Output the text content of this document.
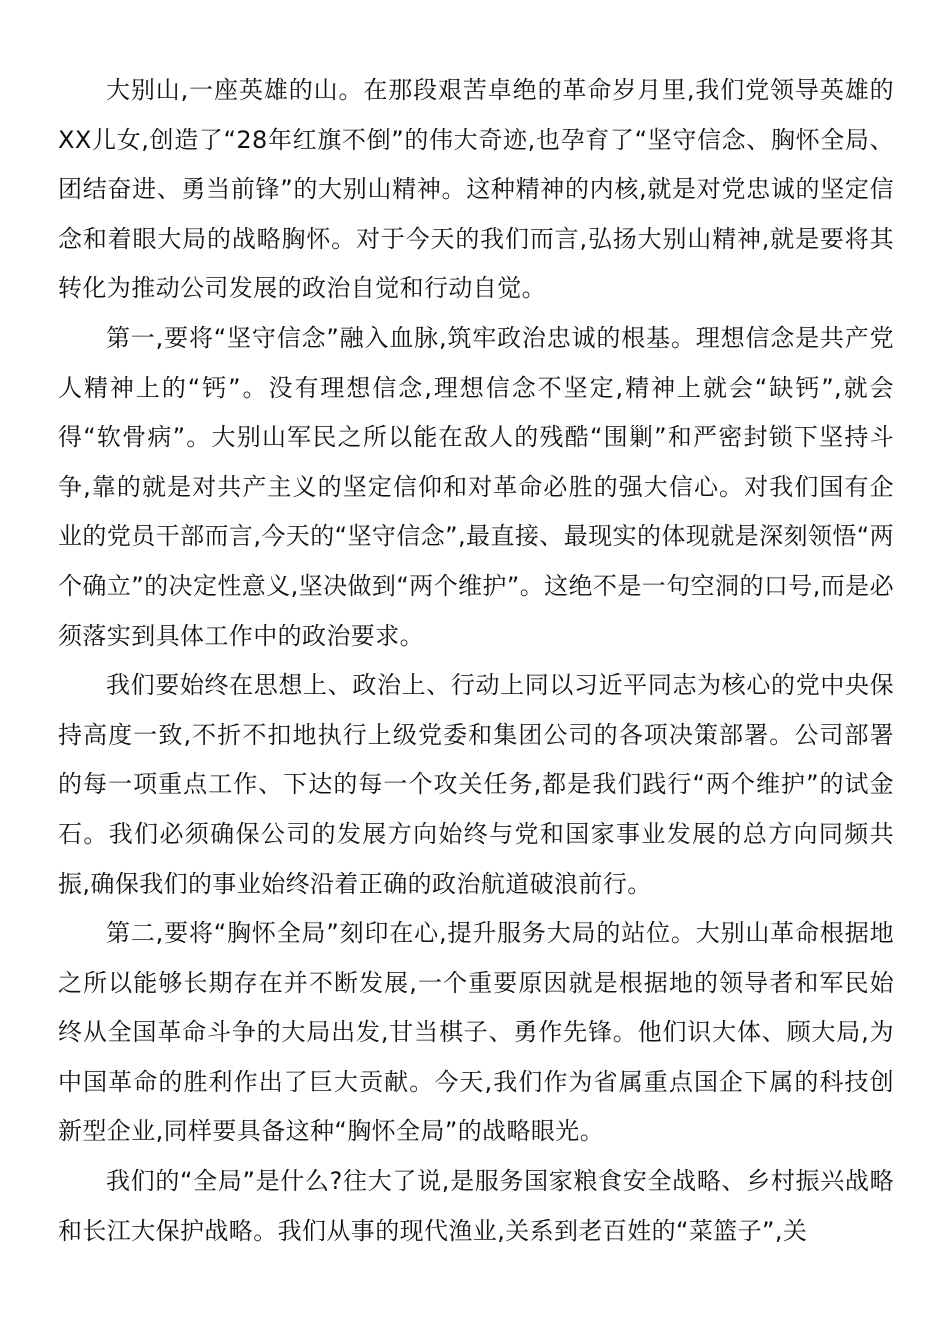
大别山,一座英雄的山。在那段艰苦卓绝的革命岁月里,我们党领导英雄的XX儿女,创造了“28年红旗不倒”的伟大奇迹,也孕育了“坚守信念、胸怀全局、团结奋进、勇当前锋”的大别山精神。这种精神的内核,就是对党忠诚的坚定信念和着眼大局的战略胸怀。对于今天的我们而言,弘扬大别山精神,就是要将其转化为推动公司发展的政治自觉和行动自觉。

第一,要将“坚守信念”融入血脉,筑牢政治忠诚的根基。理想信念是共产党人精神上的“钙”。没有理想信念,理想信念不坚定,精神上就会“缺钙”,就会得“软骨病”。大别山军民之所以能在敌人的残酷“围剿”和严密封锁下坚持斗争,靠的就是对共产主义的坚定信仰和对革命必胜的强大信心。对我们国有企业的党员干部而言,今天的“坚守信念”,最直接、最现实的体现就是深刻领悟“两个确立”的决定性意义,坚决做到“两个维护”。这绝不是一句空洞的口号,而是必须落实到具体工作中的政治要求。

我们要始终在思想上、政治上、行动上同以习近平同志为核心的党中央保持高度一致,不折不扣地执行上级党委和集团公司的各项决策部署。公司部署的每一项重点工作、下达的每一个攻关任务,都是我们践行“两个维护”的试金石。我们必须确保公司的发展方向始终与党和国家事业发展的总方向同频共振,确保我们的事业始终沿着正确的政治航道破浪前行。

第二,要将“胸怀全局”刻印在心,提升服务大局的站位。大别山革命根据地之所以能够长期存在并不断发展,一个重要原因就是根据地的领导者和军民始终从全国革命斗争的大局出发,甘当棋子、勇作先锋。他们识大体、顾大局,为中国革命的胜利作出了巨大贡献。今天,我们作为省属重点国企下属的科技创新型企业,同样要具备这种“胸怀全局”的战略眼光。

我们的“全局”是什么?往大了说,是服务国家粮食安全战略、乡村振兴战略和长江大保护战略。我们从事的现代渔业,关系到老百姓的“菜篮子”,关
